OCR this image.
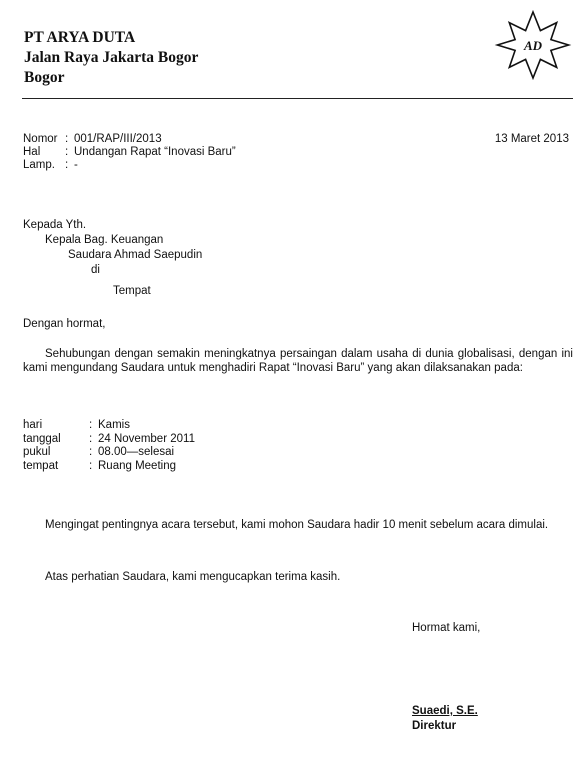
PT ARYA DUTA
Jalan Raya Jakarta Bogor
Bogor
AD
Nomor : 001/RAP/III/2013
Hal : Undangan Rapat “Inovasi Baru”
Lamp. : -
13 Maret 2013
Kepada Yth.
Kepala Bag. Keuangan
Saudara Ahmad Saepudin
di
Tempat
Dengan hormat,
Sehubungan dengan semakin meningkatnya persaingan dalam usaha di dunia globalisasi, dengan ini kami mengundang Saudara untuk menghadiri Rapat “Inovasi Baru” yang akan dilaksanakan pada:
hari	: Kamis
tanggal : 24 November 2011
pukul	: 08.00—selesai
tempat	: Ruang Meeting
Mengingat pentingnya acara tersebut, kami mohon Saudara hadir 10 menit sebelum acara dimulai.
Atas perhatian Saudara, kami mengucapkan terima kasih.
Hormat kami,
Suaedi, S.E.
Direktur
